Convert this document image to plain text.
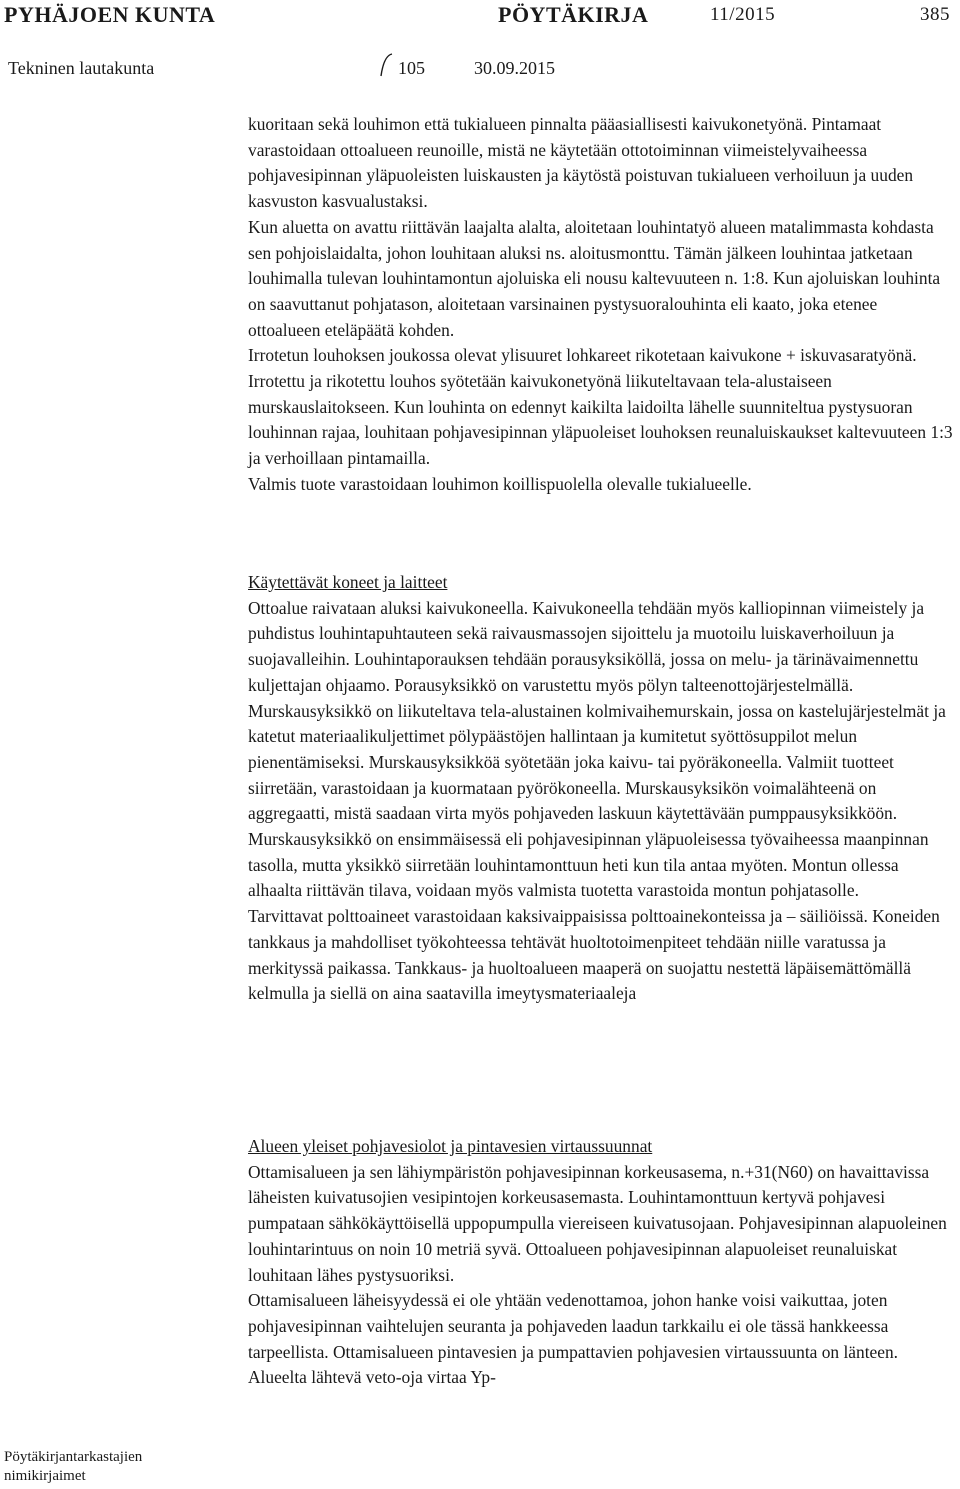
PYHÄJOEN KUNTA	PÖYTÄKIRJA	11/2015	385
Tekninen lautakunta	105	30.09.2015

kuoritaan sekä louhimon että tukialueen pinnalta pääasiallisesti kaivukonetyönä. Pintamaat varastoidaan ottoalueen reunoille, mistä ne käytetään ottotoiminnan viimeistelyvaiheessa pohjavesipinnan yläpuoleisten luiskausten ja käytöstä poistuvan tukialueen verhoiluun ja uuden kasvuston kasvualustaksi.

Kun aluetta on avattu riittävän laajalta alalta, aloitetaan louhintatyö alueen matalimmasta kohdasta sen pohjoislaidalta, johon louhitaan aluksi ns. aloitusmonttu. Tämän jälkeen louhintaa jatketaan louhimalla tulevan louhintamontun ajoluiska eli nousu kaltevuuteen n. 1:8. Kun ajoluiskan louhinta on saavuttanut pohjatason, aloitetaan varsinainen pystysuoralouhinta eli kaato, joka etenee ottoalueen eteläpäätä kohden.

Irrotetun louhoksen joukossa olevat ylisuuret lohkareet rikotetaan kaivukone + iskuvasaratyönä. Irrotettu ja rikotettu louhos syötetään kaivukonetyönä liikuteltavaan tela-alustaiseen murskauslaitokseen. Kun louhinta on edennyt kaikilta laidoilta lähelle suunniteltua pystysuoran louhinnan rajaa, louhitaan pohjavesipinnan yläpuoleiset louhoksen reunaluiskaukset kaltevuuteen 1:3 ja verhoillaan pintamailla.

Valmis tuote varastoidaan louhimon koillispuolella olevalle tukialueelle.

Käytettävät koneet ja laitteet

Ottoalue raivataan aluksi kaivukoneella. Kaivukoneella tehdään myös kalliopinnan viimeistely ja puhdistus louhintapuhtauteen sekä raivausmassojen sijoittelu ja muotoilu luiskaverhoiluun ja suojavalleihin. Louhintaporauksen tehdään porausyksiköllä, jossa on melu- ja tärinävaimennettu kuljettajan ohjaamo. Porausyksikkö on varustettu myös pölyn talteenottojärjestelmällä. Murskausyksikkö on liikuteltava tela-alustainen kolmivaihemurskain, jossa on kastelujärjestelmät ja katetut materiaalikuljettimet pölypäästöjen hallintaan ja kumitetut syöttösuppilot melun pienentämiseksi. Murskausyksikköä syötetään joka kaivu- tai pyöräkoneella. Valmiit tuotteet siirretään, varastoidaan ja kuormataan pyörökoneella. Murskausyksikön voimalähteenä on aggregaatti, mistä saadaan virta myös pohjaveden laskuun käytettävään pumppausyksikköön. Murskausyksikkö on ensimmäisessä eli pohjavesipinnan yläpuoleisessa työvaiheessa maanpinnan tasolla, mutta yksikkö siirretään louhintamonttuun heti kun tila antaa myöten. Montun ollessa alhaalta riittävän tilava, voidaan myös valmista tuotetta varastoida montun pohjatasolle.

Tarvittavat polttoaineet varastoidaan kaksivaippaisissa polttoainekonteissa ja – säiliöissä. Koneiden tankkaus ja mahdolliset työkohteessa tehtävät huoltotoimenpiteet tehdään niille varatussa ja merkityssä paikassa. Tankkaus- ja huoltoalueen maaperä on suojattu nestettä läpäisemättömällä kelmulla ja siellä on aina saatavilla imeytysmateriaaleja

Alueen yleiset pohjavesiolot ja pintavesien virtaussuunnat

Ottamisalueen ja sen lähiympäristön pohjavesipinnan korkeusasema, n.+31(N60) on havaittavissa läheisten kuivatusojien vesipintojen korkeusasemasta. Louhintamonttuun kertyvä pohjavesi pumpataan sähkökäyttöisellä uppopumpulla viereiseen kuivatusojaan. Pohjavesipinnan alapuoleinen louhintarintuus on noin 10 metriä syvä. Ottoalueen pohjavesipinnan alapuoleiset reunaluiskat louhitaan lähes pystysuoriksi.

Ottamisalueen läheisyydessä ei ole yhtään vedenottamoa, johon hanke voisi vaikuttaa, joten pohjavesipinnan vaihtelujen seuranta ja pohjaveden laadun tarkkailu ei ole tässä hankkeessa tarpeellista. Ottamisalueen pintavesien ja pumpattavien pohjavesien virtaussuunta on länteen. Alueelta lähtevä veto-oja virtaa Yp-

Pöytäkirjantarkastajien
nimikirjaimet
